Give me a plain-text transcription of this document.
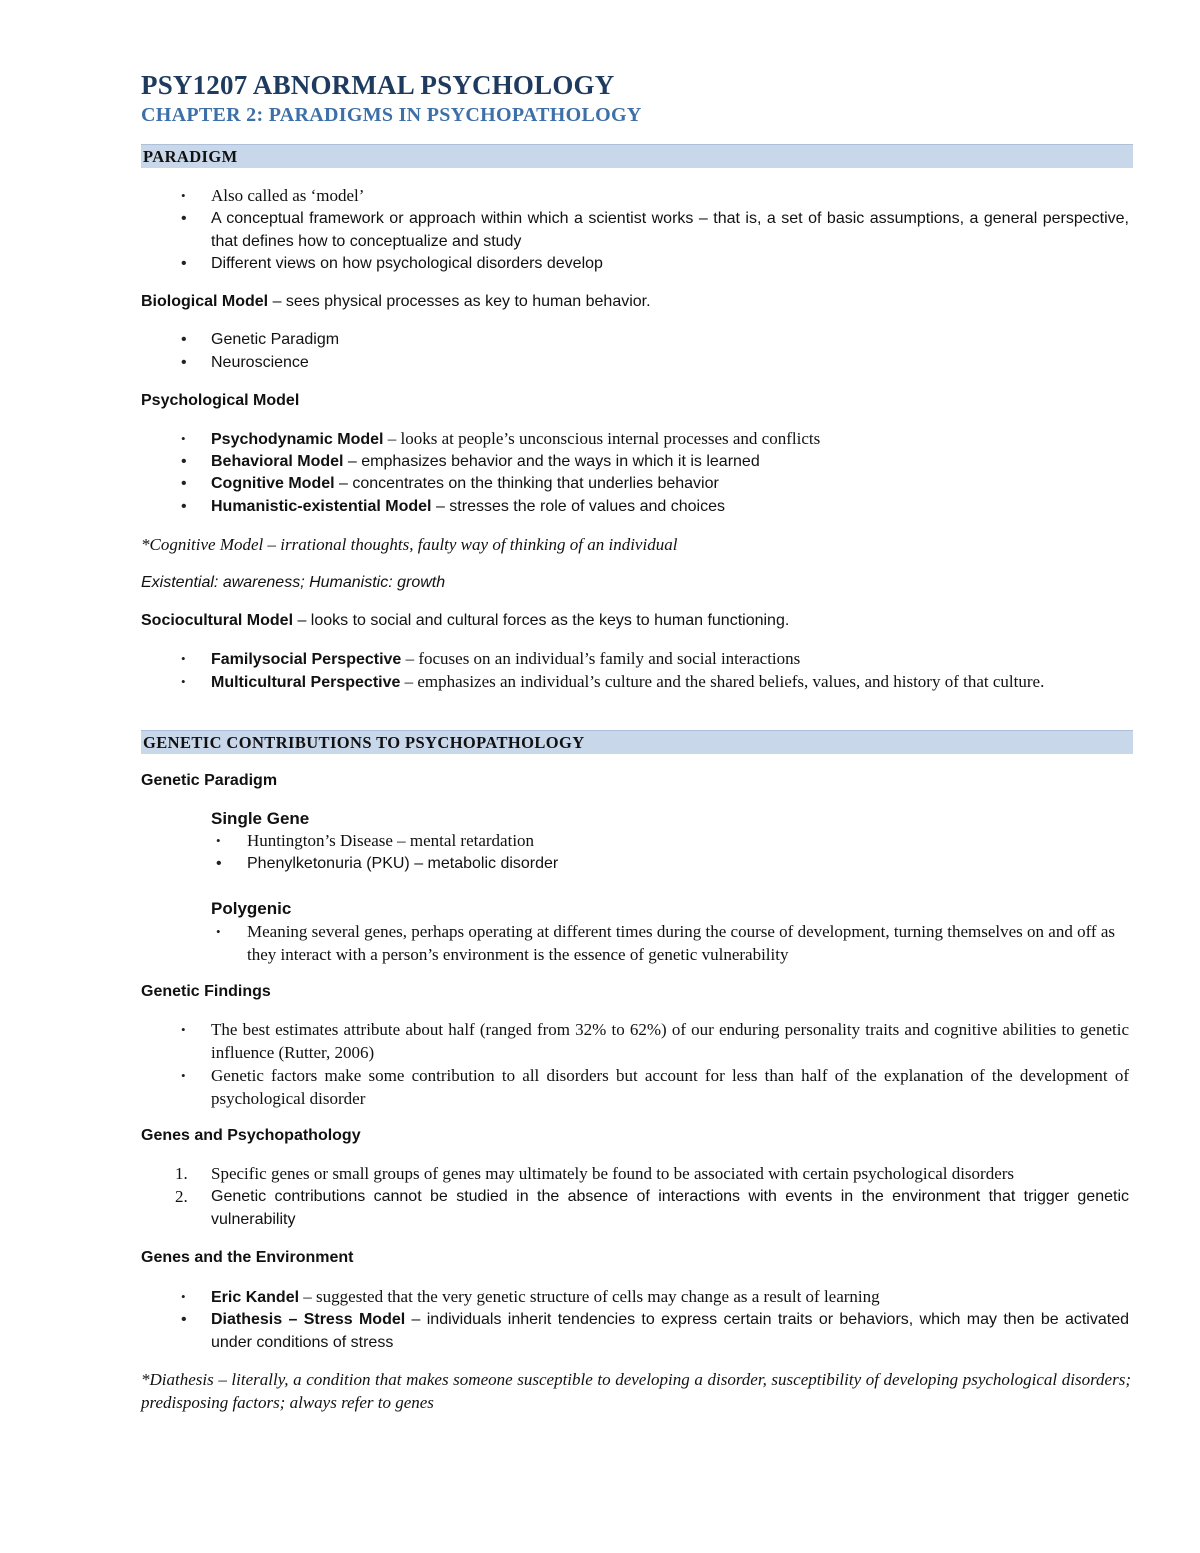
PSY1207 ABNORMAL PSYCHOLOGY
CHAPTER 2: PARADIGMS IN PSYCHOPATHOLOGY
PARADIGM
•	Also called as ‘model’
• A conceptual framework or approach within which a scientist works – that is, a set of basic assumptions, a general perspective, that defines how to conceptualize and study
• Different views on how psychological disorders develop
Biological Model – sees physical processes as key to human behavior.
• Genetic Paradigm
• Neuroscience
Psychological Model
•	Psychodynamic Model – looks at people’s unconscious internal processes and conflicts
• Behavioral Model – emphasizes behavior and the ways in which it is learned
• Cognitive Model – concentrates on the thinking that underlies behavior
• Humanistic-existential Model – stresses the role of values and choices
*Cognitive Model – irrational thoughts, faulty way of thinking of an individual
Existential: awareness; Humanistic: growth
Sociocultural Model – looks to social and cultural forces as the keys to human functioning.
•	Familysocial Perspective – focuses on an individual’s family and social interactions
•	Multicultural Perspective – emphasizes an individual’s culture and the shared beliefs, values, and history of that culture.
GENETIC CONTRIBUTIONS TO PSYCHOPATHOLOGY
Genetic Paradigm
Single Gene
•	Huntington’s Disease – mental retardation
• Phenylketonuria (PKU) – metabolic disorder
Polygenic
•	Meaning several genes, perhaps operating at different times during the course of development, turning themselves on and off as they interact with a person’s environment is the essence of genetic vulnerability
Genetic Findings
•	The best estimates attribute about half (ranged from 32% to 62%) of our enduring personality traits and cognitive abilities to genetic influence (Rutter, 2006)
•	Genetic factors make some contribution to all disorders but account for less than half of the explanation of the development of psychological disorder
Genes and Psychopathology
1. Specific genes or small groups of genes may ultimately be found to be associated with certain psychological disorders
2. Genetic contributions cannot be studied in the absence of interactions with events in the environment that trigger genetic vulnerability
Genes and the Environment
•	Eric Kandel – suggested that the very genetic structure of cells may change as a result of learning
• Diathesis – Stress Model – individuals inherit tendencies to express certain traits or behaviors, which may then be activated under conditions of stress
*Diathesis – literally, a condition that makes someone susceptible to developing a disorder, susceptibility of developing psychological disorders; predisposing factors; always refer to genes
